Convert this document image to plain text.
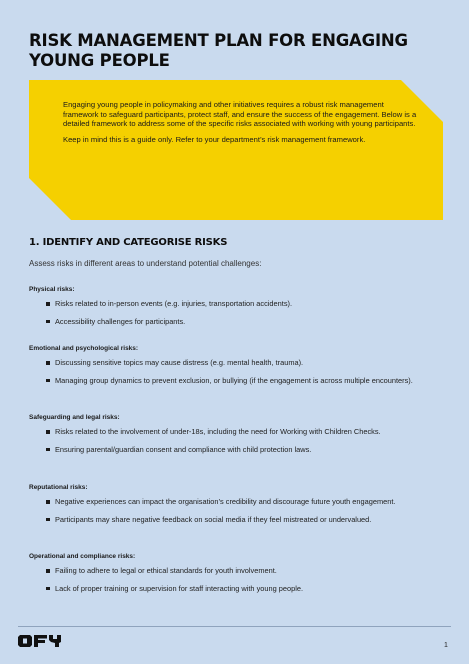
RISK MANAGEMENT PLAN FOR ENGAGING YOUNG PEOPLE

Engaging young people in policymaking and other initiatives requires a robust risk management framework to safeguard participants, protect staff, and ensure the success of the engagement. Below is a detailed framework to address some of the specific risks associated with working with young participants.

Keep in mind this is a guide only. Refer to your department’s risk management framework.

1. IDENTIFY AND CATEGORISE RISKS

Assess risks in different areas to understand potential challenges:

Physical risks:
Risks related to in-person events (e.g. injuries, transportation accidents).
Accessibility challenges for participants.
Emotional and psychological risks:
Discussing sensitive topics may cause distress (e.g. mental health, trauma).
Managing group dynamics to prevent exclusion, or bullying (if the engagement is across multiple encounters).
Safeguarding and legal risks:
Risks related to the involvement of under-18s, including the need for Working with Children Checks.
Ensuring parental/guardian consent and compliance with child protection laws.
Reputational risks:
Negative experiences can impact the organisation’s credibility and discourage future youth engagement.
Participants may share negative feedback on social media if they feel mistreated or undervalued.
Operational and compliance risks:
Failing to adhere to legal or ethical standards for youth involvement.
Lack of proper training or supervision for staff interacting with young people.
1
